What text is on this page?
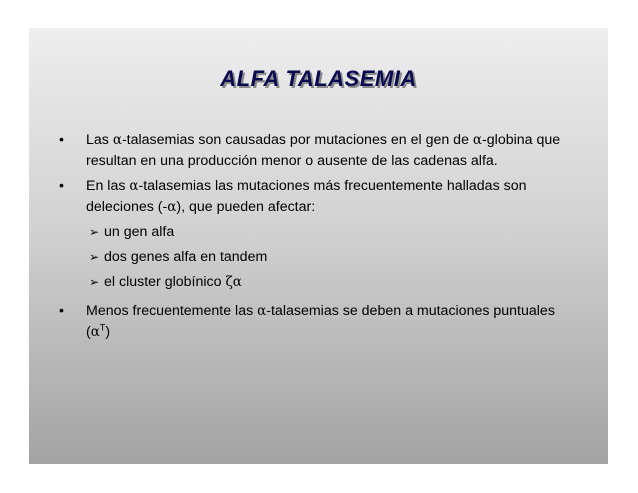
ALFA TALASEMIA
• Las α-talasemias son causadas por mutaciones en el gen de α-globina que resultan en una producción menor o ausente de las cadenas alfa.
• En las α-talasemias las mutaciones más frecuentemente halladas son deleciones (-α), que pueden afectar:
➢ un gen alfa
➢ dos genes alfa en tandem
➢ el cluster globínico ζα
• Menos frecuentemente las α-talasemias se deben a mutaciones puntuales $(\alpha^T)$
